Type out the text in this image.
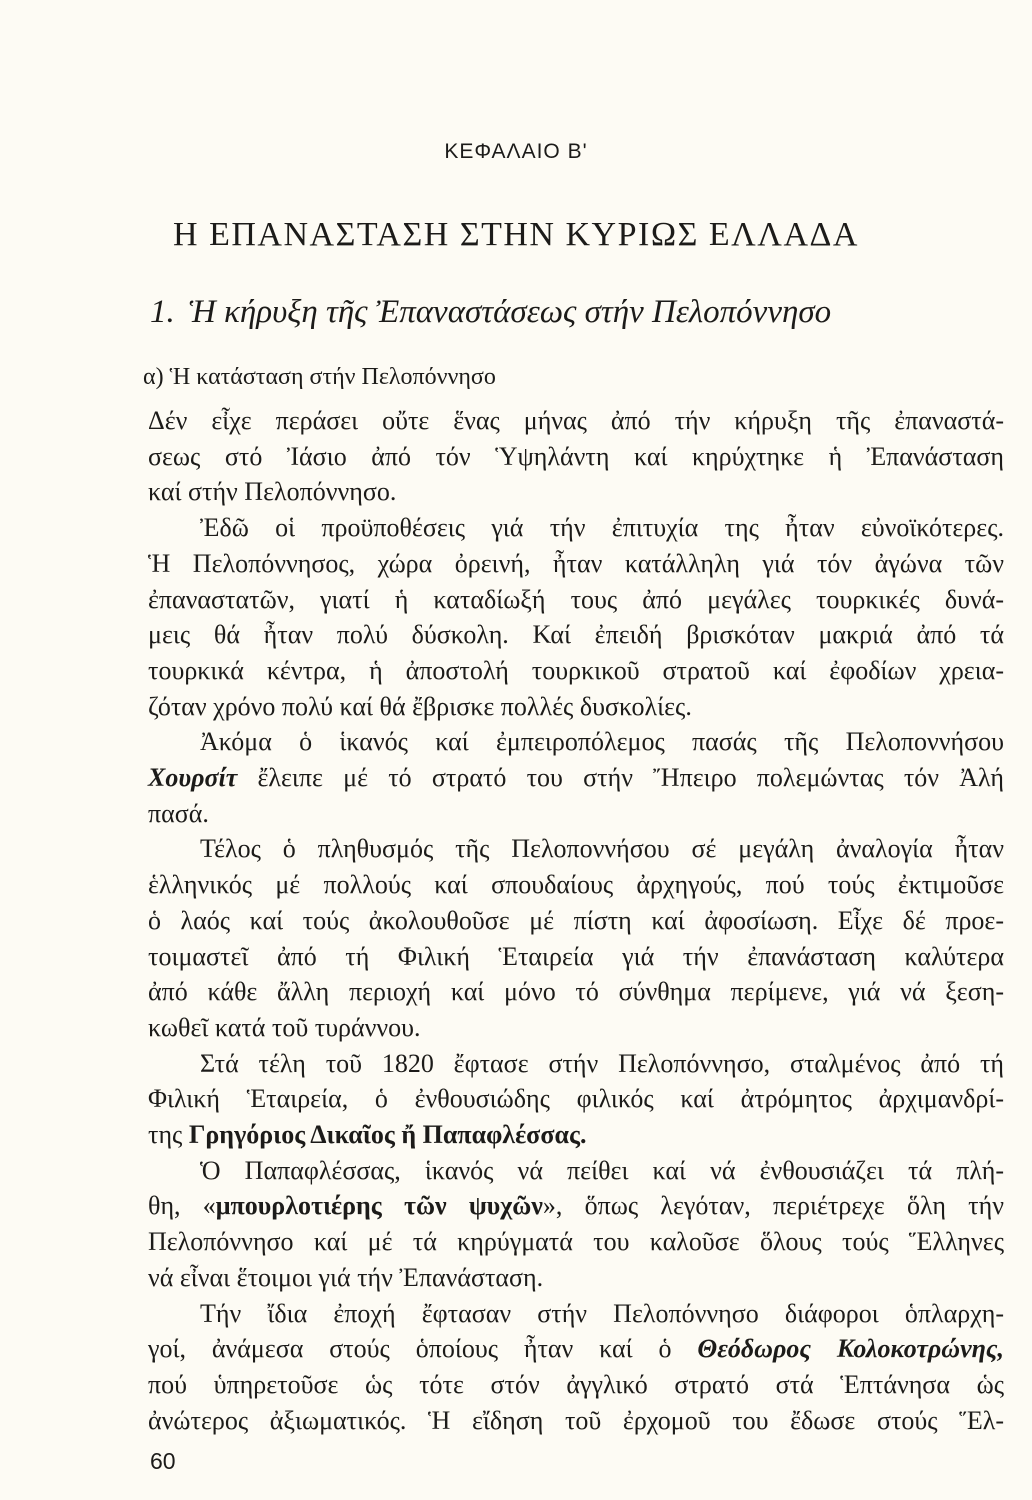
ΚΕΦΑΛΑΙΟ Β'
Η ΕΠΑΝΑΣΤΑΣΗ ΣΤΗΝ ΚΥΡΙΩΣ ΕΛΛΑΔΑ
1. Ἡ κήρυξη τῆς Ἐπαναστάσεως στήν Πελοπόννησο
α) Ἡ κατάσταση στήν Πελοπόννησο
60
Δέν εἶχε περάσει οὔτε ἕνας μήνας ἀπό τήν κήρυξη τῆς ἐπαναστά-
σεως στό Ἰάσιο ἀπό τόν Ὑψηλάντη καί κηρύχτηκε ἡ Ἐπανάσταση
καί στήν Πελοπόννησο.
Ἐδῶ οἱ προϋποθέσεις γιά τήν ἐπιτυχία της ἦταν εὐνοϊκότερες.
Ἡ Πελοπόννησος, χώρα ὀρεινή, ἦταν κατάλληλη γιά τόν ἀγώνα τῶν
ἐπαναστατῶν, γιατί ἡ καταδίωξή τους ἀπό μεγάλες τουρκικές δυνά-
μεις θά ἦταν πολύ δύσκολη. Καί ἐπειδή βρισκόταν μακριά ἀπό τά
τουρκικά κέντρα, ἡ ἀποστολή τουρκικοῦ στρατοῦ καί ἐφοδίων χρεια-
ζόταν χρόνο πολύ καί θά ἔβρισκε πολλές δυσκολίες.
Ἀκόμα ὁ ἱκανός καί ἐμπειροπόλεμος πασάς τῆς Πελοποννήσου
Χουρσίτ ἔλειπε μέ τό στρατό του στήν Ἤπειρο πολεμώντας τόν Ἀλή
πασά.
Τέλος ὁ πληθυσμός τῆς Πελοποννήσου σέ μεγάλη ἀναλογία ἦταν
ἑλληνικός μέ πολλούς καί σπουδαίους ἀρχηγούς, πού τούς ἐκτιμοῦσε
ὁ λαός καί τούς ἀκολουθοῦσε μέ πίστη καί ἀφοσίωση. Εἶχε δέ προε-
τοιμαστεῖ ἀπό τή Φιλική Ἑταιρεία γιά τήν ἐπανάσταση καλύτερα
ἀπό κάθε ἄλλη περιοχή καί μόνο τό σύνθημα περίμενε, γιά νά ξεση-
κωθεῖ κατά τοῦ τυράννου.
Στά τέλη τοῦ 1820 ἔφτασε στήν Πελοπόννησο, σταλμένος ἀπό τή
Φιλική Ἑταιρεία, ὁ ἐνθουσιώδης φιλικός καί ἀτρόμητος ἀρχιμανδρί-
της Γρηγόριος Δικαῖος ἤ Παπαφλέσσας.
Ὁ Παπαφλέσσας, ἱκανός νά πείθει καί νά ἐνθουσιάζει τά πλή-
θη, «μπουρλοτιέρης τῶν ψυχῶν», ὅπως λεγόταν, περιέτρεχε ὅλη τήν
Πελοπόννησο καί μέ τά κηρύγματά του καλοῦσε ὅλους τούς Ἕλληνες
νά εἶναι ἕτοιμοι γιά τήν Ἐπανάσταση.
Τήν ἴδια ἐποχή ἔφτασαν στήν Πελοπόννησο διάφοροι ὁπλαρχη-
γοί, ἀνάμεσα στούς ὁποίους ἦταν καί ὁ Θεόδωρος Κολοκοτρώνης,
πού ὑπηρετοῦσε ὡς τότε στόν ἀγγλικό στρατό στά Ἑπτάνησα ὡς
ἀνώτερος ἀξιωματικός. Ἡ εἴδηση τοῦ ἐρχομοῦ του ἔδωσε στούς Ἕλ-
